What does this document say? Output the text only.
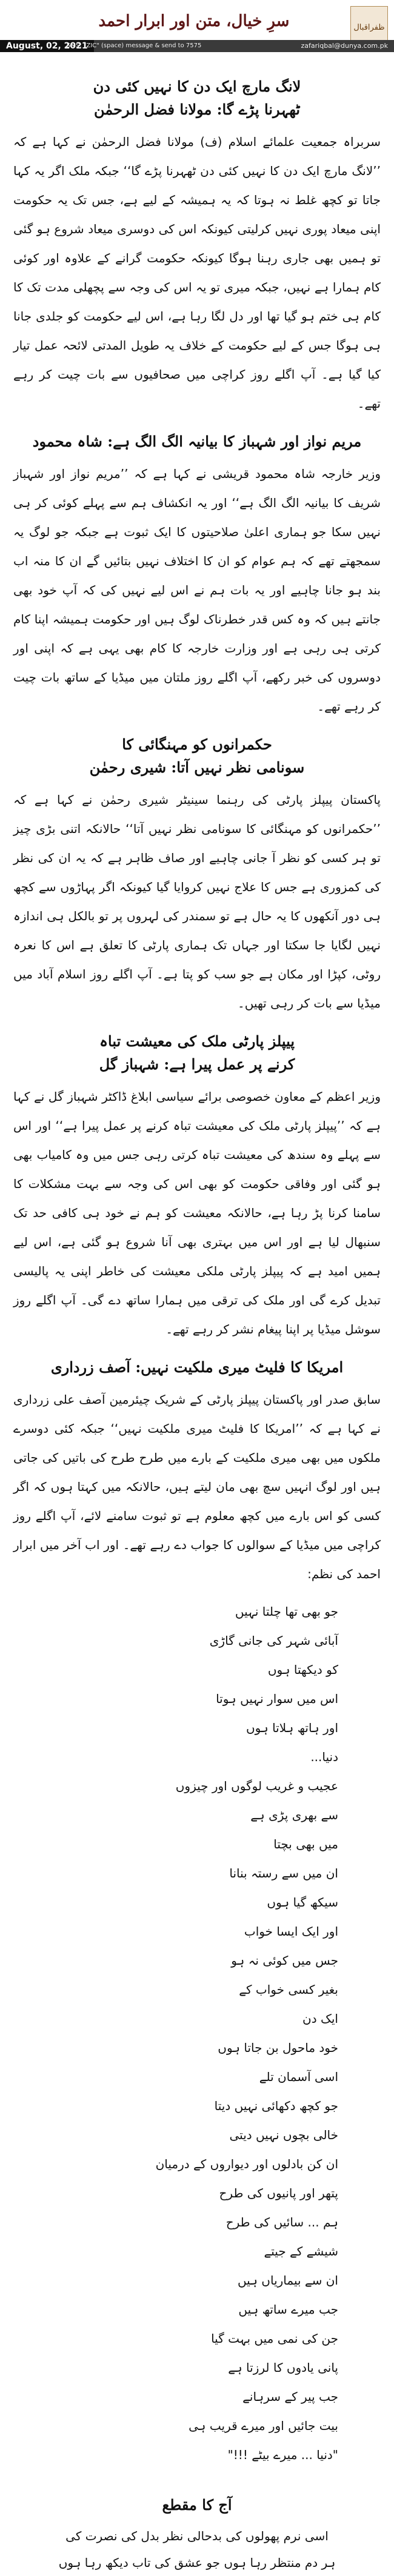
ظفراقبال
سرِ خیال، متن اور ابرار احمد
August, 02, 2021
SMS: "ZIC" (space) message & send to 7575	zafariqbal@dunya.com.pk
لانگ مارچ ایک دن کا نہیں کئی دن
ٹھہرنا پڑے گا: مولانا فضل الرحمٰن

سربراہ جمعیت علمائے اسلام (ف) مولانا فضل الرحمٰن نے کہا ہے کہ ’’لانگ مارچ ایک دن کا نہیں کئی دن ٹھہرنا پڑے گا‘‘ جبکہ ملک اگر یہ کہا جاتا تو کچھ غلط نہ ہوتا کہ یہ ہمیشہ کے لیے ہے، جس تک یہ حکومت اپنی میعاد پوری نہیں کرلیتی کیونکہ اس کی دوسری میعاد شروع ہو گئی تو ہمیں بھی جاری رہنا ہوگا کیونکہ حکومت گرانے کے علاوہ اور کوئی کام ہمارا ہے نہیں، جبکہ میری تو یہ اس کی وجہ سے پچھلی مدت تک کا کام ہی ختم ہو گیا تھا اور دل لگا رہا ہے، اس لیے حکومت کو جلدی جانا ہی ہوگا جس کے لیے حکومت کے خلاف یہ طویل المدتی لائحہ عمل تیار کیا گیا ہے۔ آپ اگلے روز کراچی میں صحافیوں سے بات چیت کر رہے تھے۔

مریم نواز اور شہباز کا بیانیہ الگ الگ ہے: شاہ محمود

وزیر خارجہ شاہ محمود قریشی نے کہا ہے کہ ’’مریم نواز اور شہباز شریف کا بیانیہ الگ الگ ہے‘‘ اور یہ انکشاف ہم سے پہلے کوئی کر ہی نہیں سکا جو ہماری اعلیٰ صلاحیتوں کا ایک ثبوت ہے جبکہ جو لوگ یہ سمجھتے تھے کہ ہم عوام کو ان کا اختلاف نہیں بتائیں گے ان کا منہ اب بند ہو جانا چاہیے اور یہ بات ہم نے اس لیے نہیں کی کہ آپ خود بھی جانتے ہیں کہ وہ کس قدر خطرناک لوگ ہیں اور حکومت ہمیشہ اپنا کام کرتی ہی رہی ہے اور وزارت خارجہ کا کام بھی یہی ہے کہ اپنی اور دوسروں کی خبر رکھے، آپ اگلے روز ملتان میں میڈیا کے ساتھ بات چیت کر رہے تھے۔

حکمرانوں کو مہنگائی کا
سونامی نظر نہیں آتا: شیری رحمٰن

پاکستان پیپلز پارٹی کی رہنما سینیٹر شیری رحمٰن نے کہا ہے کہ ’’حکمرانوں کو مہنگائی کا سونامی نظر نہیں آتا‘‘ حالانکہ اتنی بڑی چیز تو ہر کسی کو نظر آ جانی چاہیے اور صاف ظاہر ہے کہ یہ ان کی نظر کی کمزوری ہے جس کا علاج نہیں کروایا گیا کیونکہ اگر پہاڑوں سے کچھ ہی دور آنکھوں کا یہ حال ہے تو سمندر کی لہروں پر تو بالکل ہی اندازہ نہیں لگایا جا سکتا اور جہاں تک ہماری پارٹی کا تعلق ہے اس کا نعرہ روٹی، کپڑا اور مکان ہے جو سب کو پتا ہے۔ آپ اگلے روز اسلام آباد میں میڈیا سے بات کر رہی تھیں۔

پیپلز پارٹی ملک کی معیشت تباہ
کرنے پر عمل پیرا ہے: شہباز گل

وزیر اعظم کے معاون خصوصی برائے سیاسی ابلاغ ڈاکٹر شہباز گل نے کہا ہے کہ ’’پیپلز پارٹی ملک کی معیشت تباہ کرنے پر عمل پیرا ہے‘‘ اور اس سے پہلے وہ سندھ کی معیشت تباہ کرتی رہی جس میں وہ کامیاب بھی ہو گئی اور وفاقی حکومت کو بھی اس کی وجہ سے بہت مشکلات کا سامنا کرنا پڑ رہا ہے، حالانکہ معیشت کو ہم نے خود ہی کافی حد تک سنبھال لیا ہے اور اس میں بہتری بھی آنا شروع ہو گئی ہے، اس لیے ہمیں امید ہے کہ پیپلز پارٹی ملکی معیشت کی خاطر اپنی یہ پالیسی تبدیل کرے گی اور ملک کی ترقی میں ہمارا ساتھ دے گی۔ آپ اگلے روز سوشل میڈیا پر اپنا پیغام نشر کر رہے تھے۔

امریکا کا فلیٹ میری ملکیت نہیں: آصف زرداری

سابق صدر اور پاکستان پیپلز پارٹی کے شریک چیئرمین آصف علی زرداری نے کہا ہے کہ ’’امریکا کا فلیٹ میری ملکیت نہیں‘‘ جبکہ کئی دوسرے ملکوں میں بھی میری ملکیت کے بارے میں طرح طرح کی باتیں کی جاتی ہیں اور لوگ انہیں سچ بھی مان لیتے ہیں، حالانکہ میں کہتا ہوں کہ اگر کسی کو اس بارے میں کچھ معلوم ہے تو ثبوت سامنے لائے، آپ اگلے روز کراچی میں میڈیا کے سوالوں کا جواب دے رہے تھے۔ اور اب آخر میں ابرار احمد کی نظم:

جو بھی تھا چلتا نہیں
آبائی شہر کی جانی گاڑی
کو دیکھتا ہوں
اس میں سوار نہیں ہوتا
اور ہاتھ ہلاتا ہوں
دنیا...
عجیب و غریب لوگوں اور چیزوں
سے بھری پڑی ہے
میں بھی بچتا
ان میں سے رستہ بنانا
سیکھ گیا ہوں
اور ایک ایسا خواب
جس میں کوئی نہ ہو
بغیر کسی خواب کے
ایک دن
خود ماحول بن جاتا ہوں
اسی آسمان تلے
جو کچھ دکھائی نہیں دیتا
خالی بچوں نہیں دیتی
ان کن بادلوں اور دیواروں کے درمیان
پتھر اور پانیوں کی طرح
ہم ... سائیں کی طرح
شیشے کے جیتے
ان سے بیماریاں ہیں
جب میرے ساتھ ہیں
جن کی نمی میں بہت گیا
پانی یادوں کا لرزتا ہے
جب پیر کے سرہانے
بیت جائیں اور میرے قریب ہی
"دنیا ... میرے بیٹے !!!"
آج کا مقطع
اسی نرم پھولوں کی بدحالی نظر بدل کی نصرت کی
ہر دم منتظر رہا ہوں جو عشق کی تاب دیکھ رہا ہوں
